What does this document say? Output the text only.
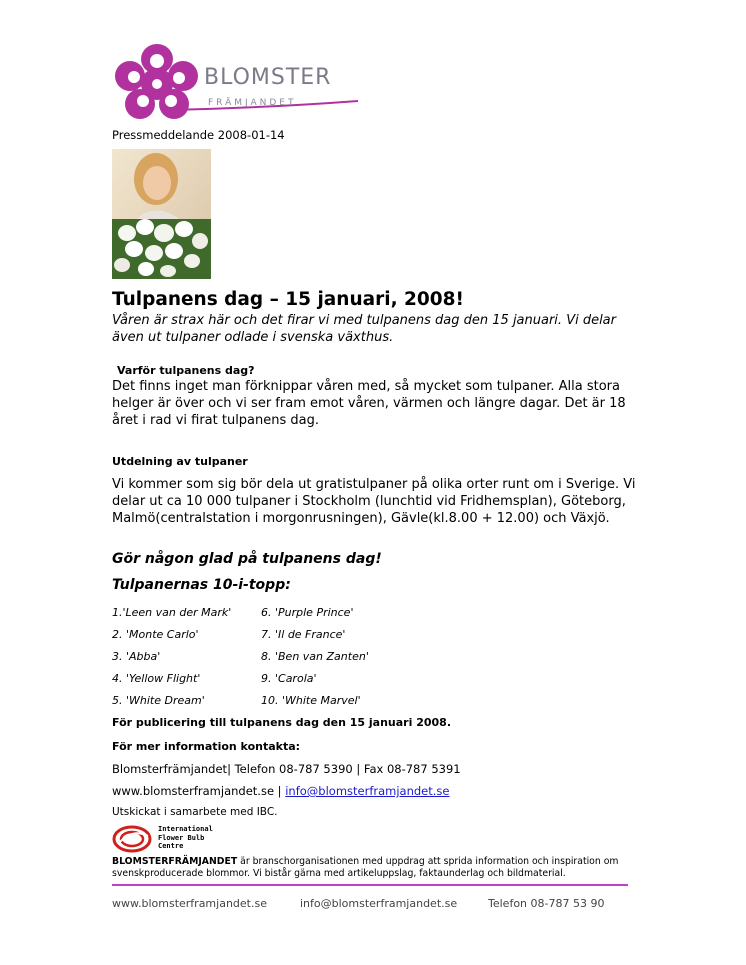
BLOMSTER
FRÄMJANDET
Pressmeddelande 2008-01-14
Tulpanens dag – 15 januari, 2008!
Våren är strax här och det firar vi med tulpanens dag den 15 januari. Vi delar även ut tulpaner odlade i svenska växthus.
Varför tulpanens dag?
Det finns inget man förknippar våren med, så mycket som tulpaner. Alla stora helger är över och vi ser fram emot våren, värmen och längre dagar. Det är 18 året i rad vi firat tulpanens dag.
Utdelning av tulpaner
Vi kommer som sig bör dela ut gratistulpaner på olika orter runt om i Sverige. Vi delar ut ca 10 000 tulpaner i Stockholm (lunchtid vid Fridhemsplan), Göteborg, Malmö(centralstation i morgonrusningen), Gävle(kl.8.00 + 12.00) och Växjö.
Gör någon glad på tulpanens dag!
Tulpanernas 10-i-topp:
1.'Leen van der Mark'
2. 'Monte Carlo'
3. 'Abba'
4. 'Yellow Flight'
5. 'White Dream'
6. 'Purple Prince'
7. 'Il de France'
8. 'Ben van Zanten'
9. 'Carola'
10. 'White Marvel'
För publicering till tulpanens dag den 15 januari 2008.
För mer information kontakta:
Blomsterfrämjandet| Telefon 08-787 5390 | Fax 08-787 5391
www.blomsterframjandet.se | info@blomsterframjandet.se
Utskickat i samarbete med IBC.
International
Flower Bulb
Centre
BLOMSTERFRÄMJANDET är branschorganisationen med uppdrag att sprida information och inspiration om svenskproducerade blommor. Vi bistår gärna med artikeluppslag, faktaunderlag och bildmaterial.
www.blomsterframjandet.se	info@blomsterframjandet.se	Telefon 08-787 53 90
